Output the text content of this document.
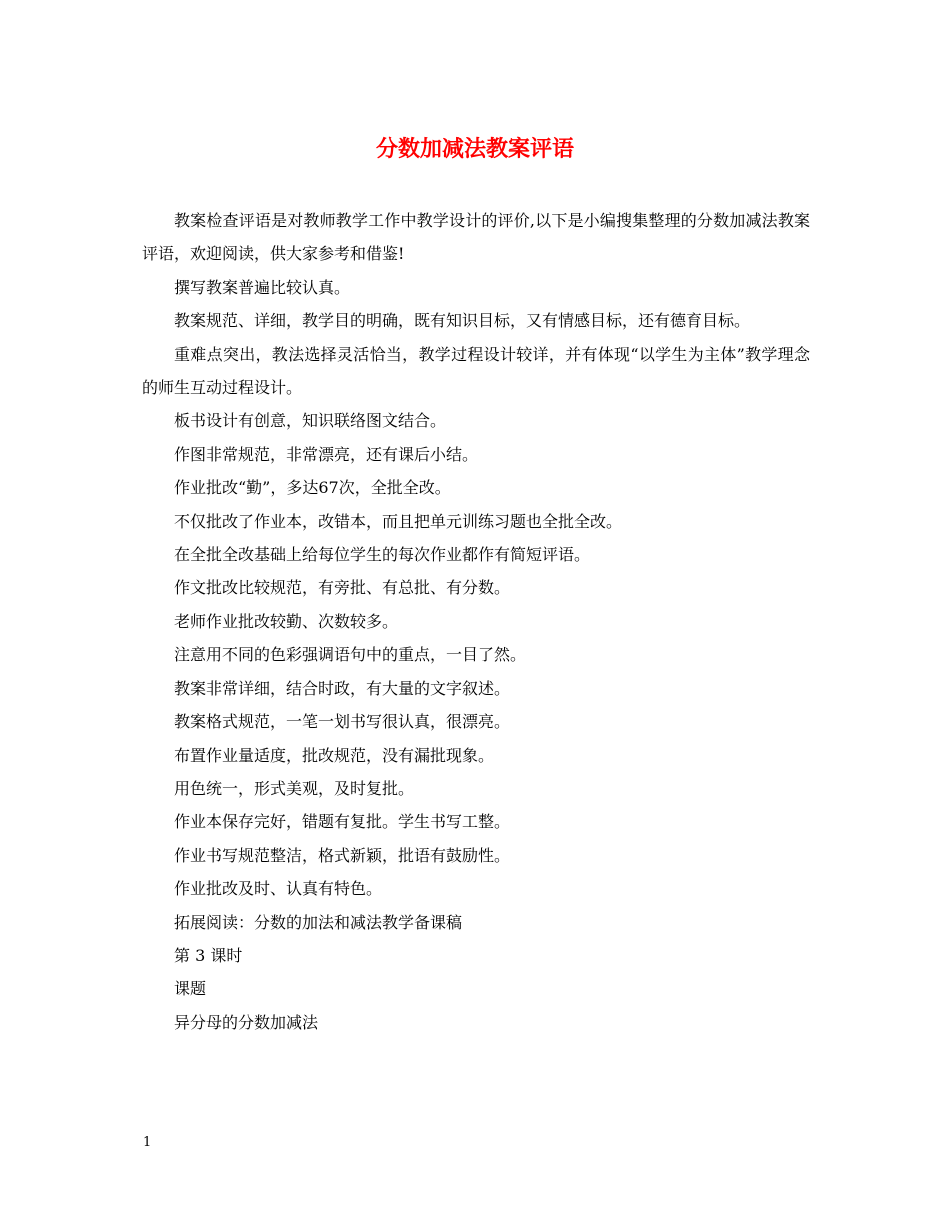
分数加减法教案评语

教案检查评语是对教师教学工作中教学设计的评价,以下是小编搜集整理的分数加减法教案评语，欢迎阅读，供大家参考和借鉴!

撰写教案普遍比较认真。

教案规范、详细，教学目的明确，既有知识目标，又有情感目标，还有德育目标。

重难点突出，教法选择灵活恰当，教学过程设计较详，并有体现“以学生为主体”教学理念的师生互动过程设计。

板书设计有创意，知识联络图文结合。

作图非常规范，非常漂亮，还有课后小结。

作业批改“勤”，多达67次，全批全改。

不仅批改了作业本，改错本，而且把单元训练习题也全批全改。

在全批全改基础上给每位学生的每次作业都作有简短评语。

作文批改比较规范，有旁批、有总批、有分数。

老师作业批改较勤、次数较多。

注意用不同的色彩强调语句中的重点，一目了然。

教案非常详细，结合时政，有大量的文字叙述。

教案格式规范，一笔一划书写很认真，很漂亮。

布置作业量适度，批改规范，没有漏批现象。

用色统一，形式美观，及时复批。

作业本保存完好，错题有复批。学生书写工整。

作业书写规范整洁，格式新颖，批语有鼓励性。

作业批改及时、认真有特色。

拓展阅读：分数的加法和减法教学备课稿

第 3 课时

课题

异分母的分数加减法

1
